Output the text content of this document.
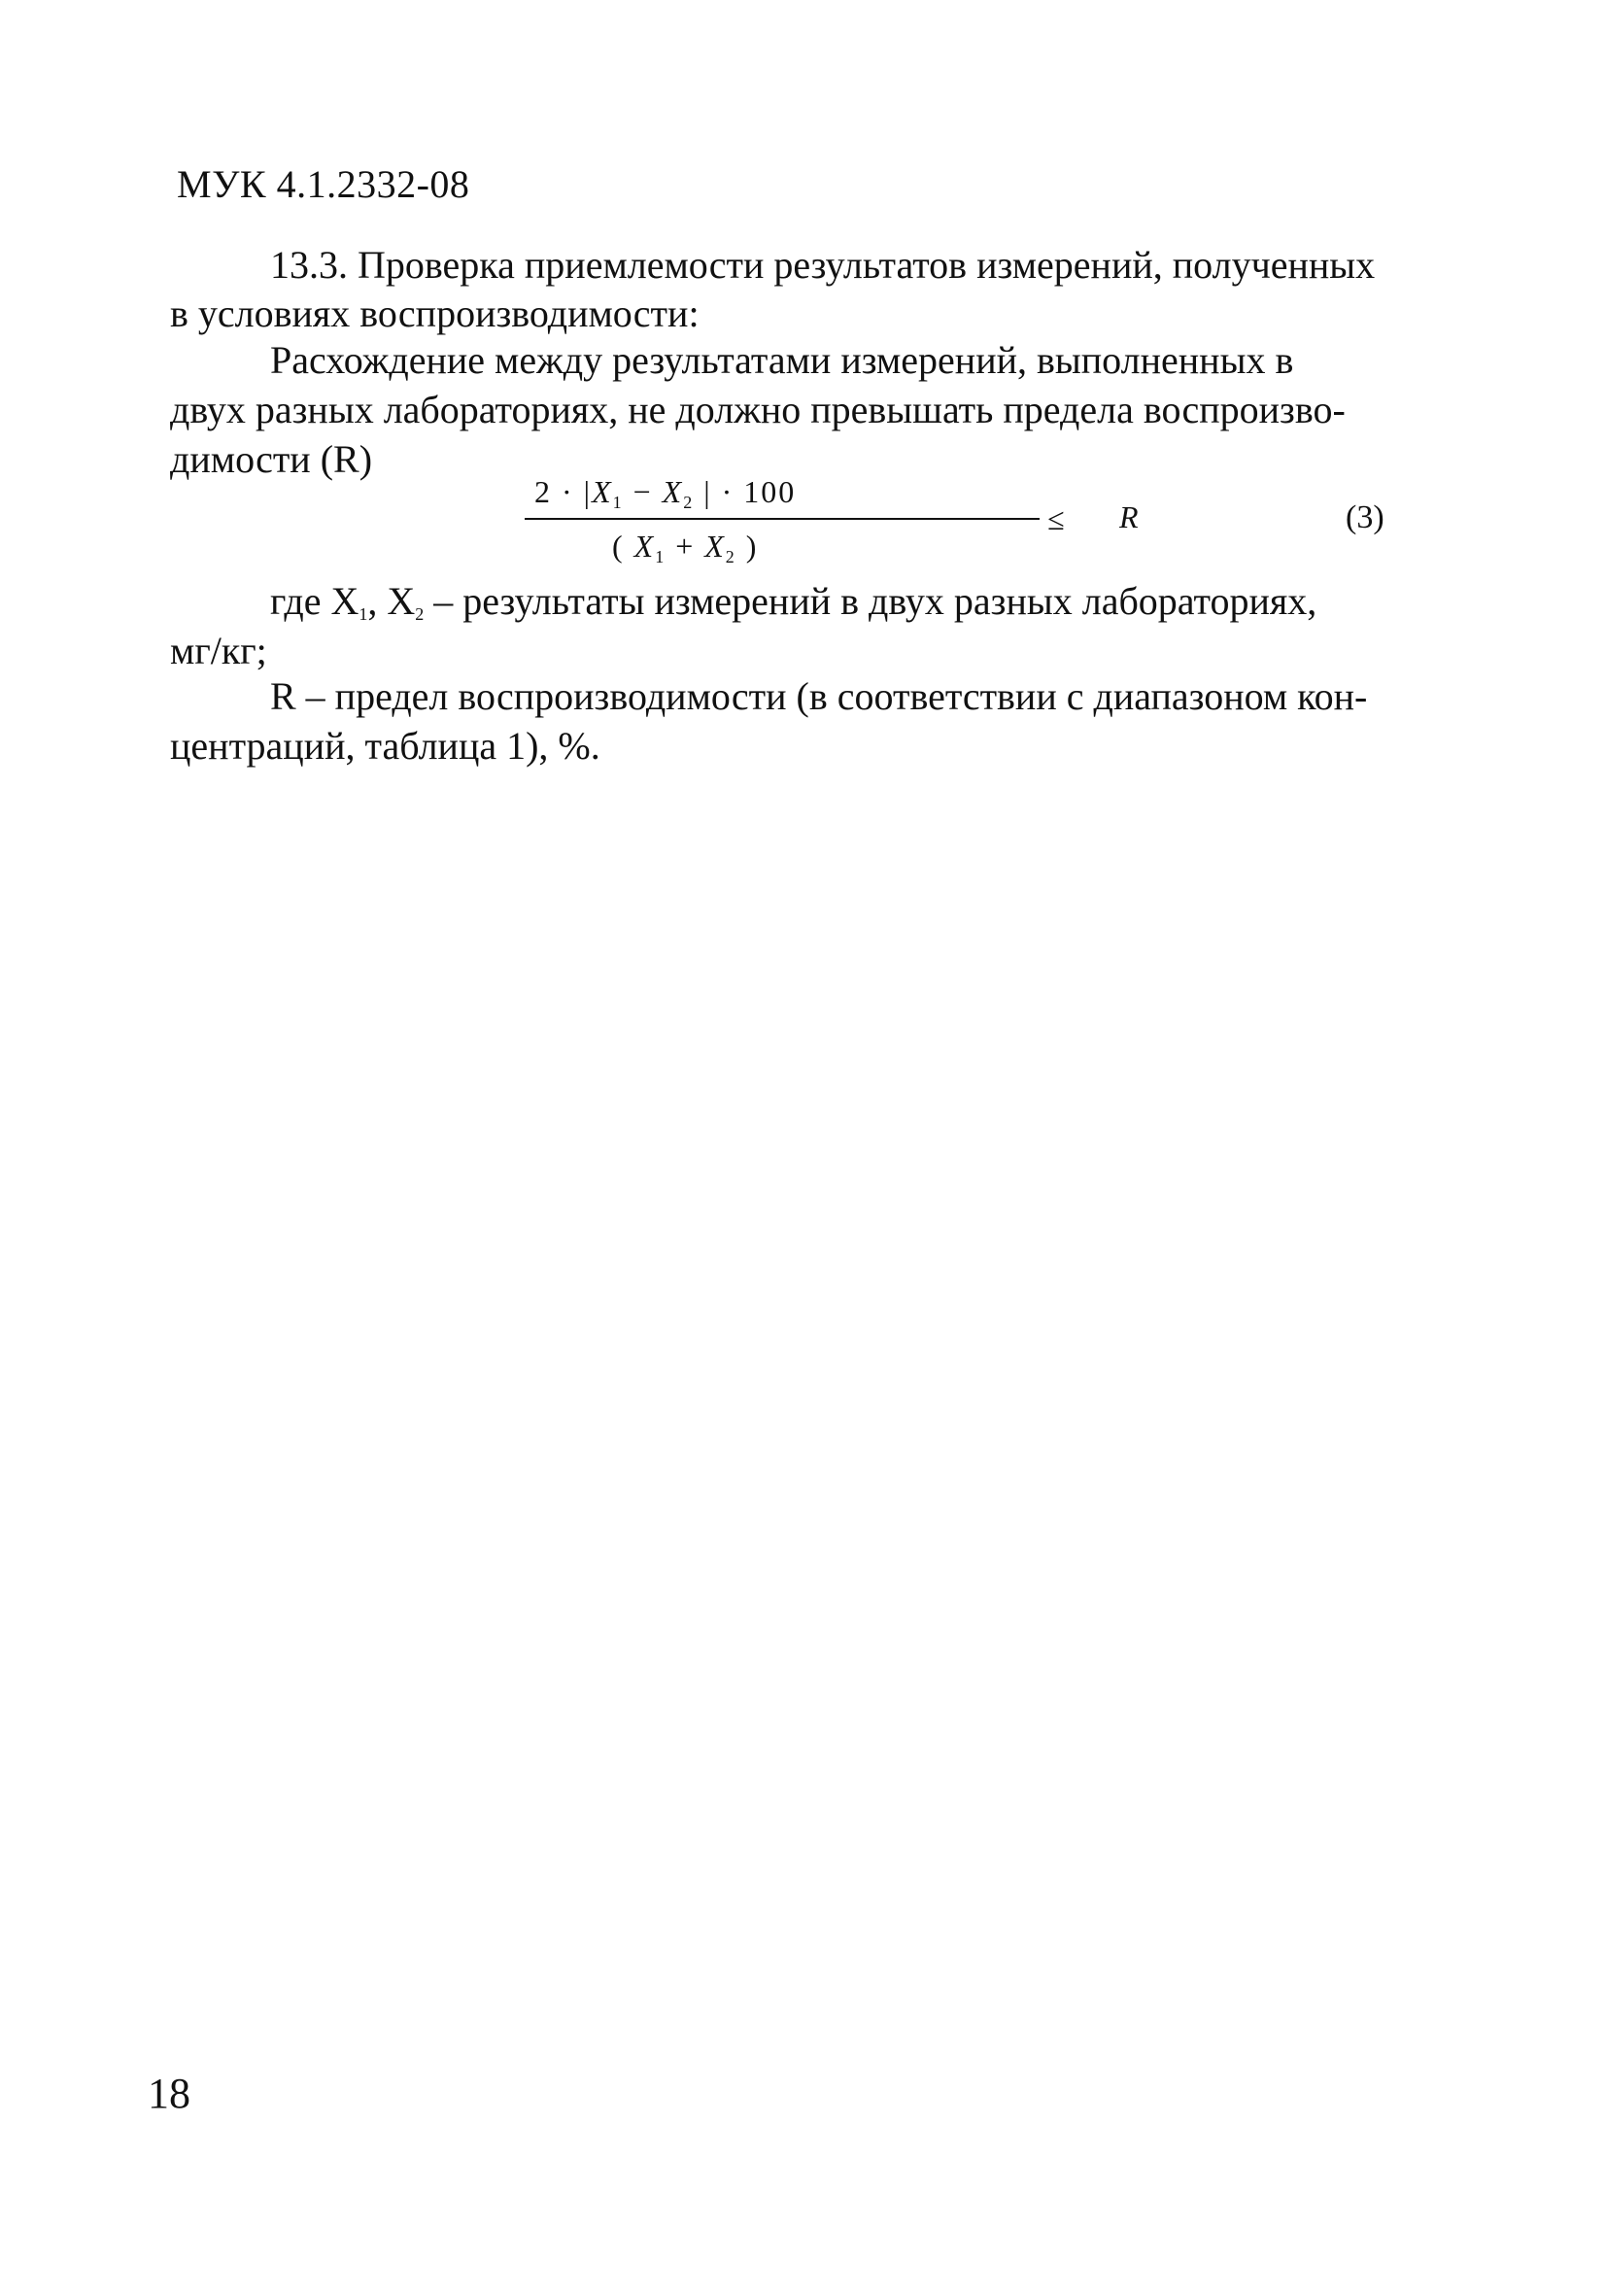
МУК 4.1.2332-08
13.3. Проверка приемлемости результатов измерений, полученных
в условиях воспроизводимости:
Расхождение между результатами измерений, выполненных в
двух разных лабораториях, не должно превышать предела воспроизво-
димости (R)
$2 \cdot |X_1 - X_2$ | · 100
( $X_1 + X_2$ )
≤ R	(3)
где $X_1$, $X_2$ – результаты измерений в двух разных лабораториях,
мг/кг;
R – предел воспроизводимости (в соответствии с диапазоном кон-
центраций, таблица 1), %.
18
